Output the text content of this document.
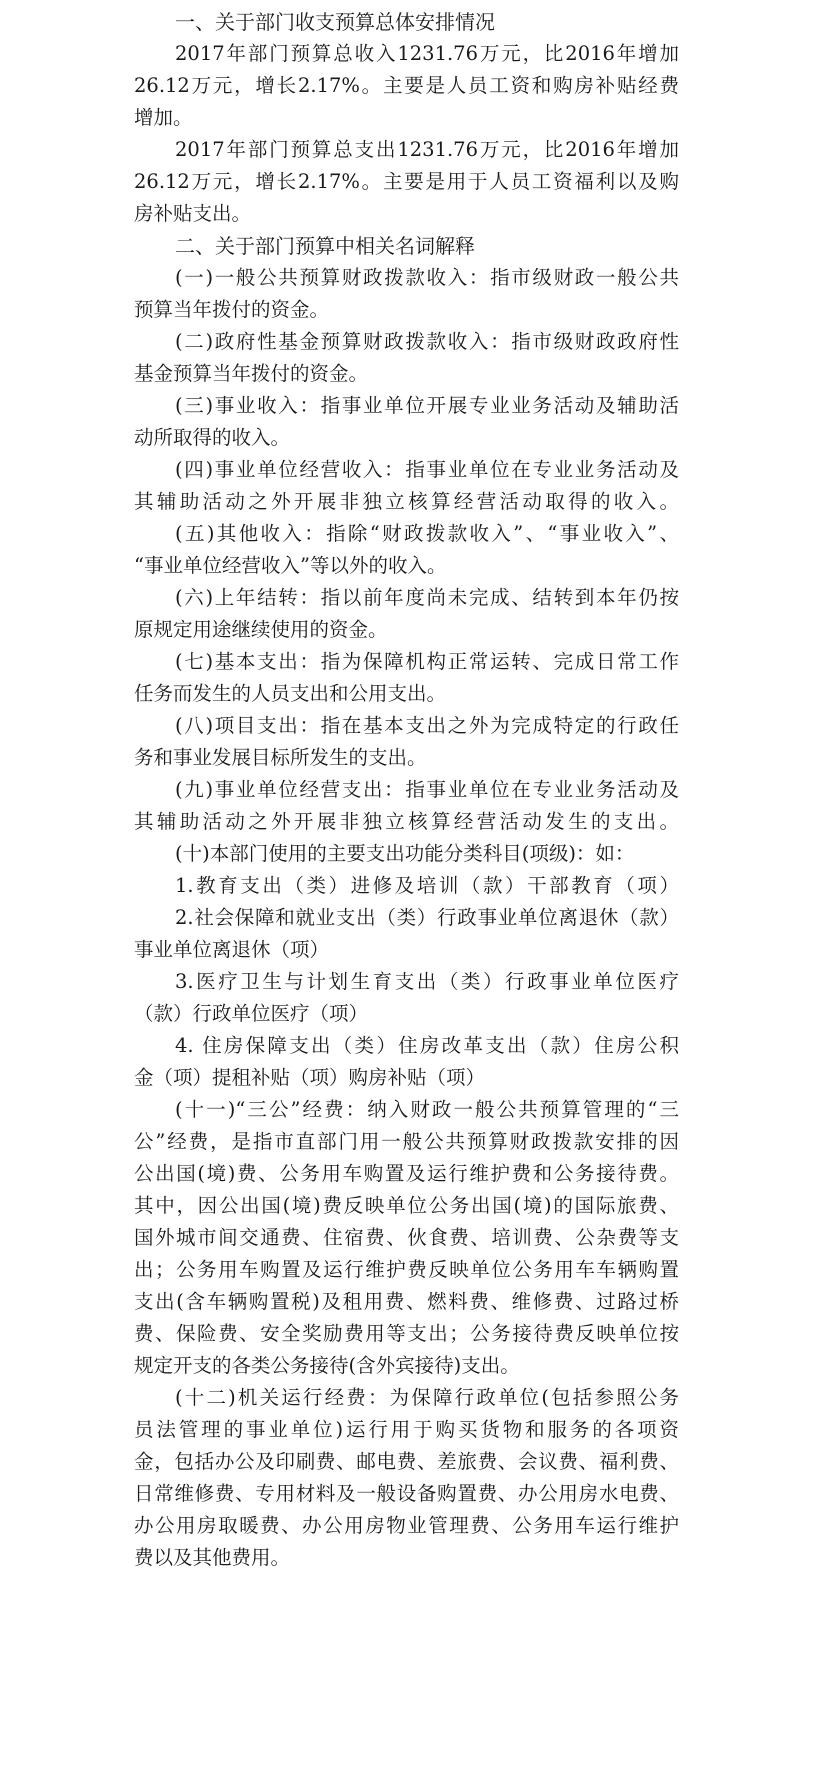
一、关于部门收支预算总体安排情况
2017年部门预算总收入1231.76万元，比2016年增加
26.12万元，增长2.17%。主要是人员工资和购房补贴经费
增加。
2017年部门预算总支出1231.76万元，比2016年增加
26.12万元，增长2.17%。主要是用于人员工资福利以及购
房补贴支出。
二、关于部门预算中相关名词解释
(一)一般公共预算财政拨款收入：指市级财政一般公共
预算当年拨付的资金。
(二)政府性基金预算财政拨款收入：指市级财政政府性
基金预算当年拨付的资金。
(三)事业收入：指事业单位开展专业业务活动及辅助活
动所取得的收入。
(四)事业单位经营收入：指事业单位在专业业务活动及
其辅助活动之外开展非独立核算经营活动取得的收入。
(五)其他收入：指除“财政拨款收入”、“事业收入”、
“事业单位经营收入”等以外的收入。
(六)上年结转：指以前年度尚未完成、结转到本年仍按
原规定用途继续使用的资金。
(七)基本支出：指为保障机构正常运转、完成日常工作
任务而发生的人员支出和公用支出。
(八)项目支出：指在基本支出之外为完成特定的行政任
务和事业发展目标所发生的支出。
(九)事业单位经营支出：指事业单位在专业业务活动及
其辅助活动之外开展非独立核算经营活动发生的支出。
(十)本部门使用的主要支出功能分类科目(项级)：如：
1.教育支出（类）进修及培训（款）干部教育（项）
2.社会保障和就业支出（类）行政事业单位离退休（款）
事业单位离退休（项）
3.医疗卫生与计划生育支出（类）行政事业单位医疗
（款）行政单位医疗（项）
4. 住房保障支出（类）住房改革支出（款）住房公积
金（项）提租补贴（项）购房补贴（项）
(十一)“三公”经费：纳入财政一般公共预算管理的“三
公”经费，是指市直部门用一般公共预算财政拨款安排的因
公出国(境)费、公务用车购置及运行维护费和公务接待费。
其中，因公出国(境)费反映单位公务出国(境)的国际旅费、
国外城市间交通费、住宿费、伙食费、培训费、公杂费等支
出；公务用车购置及运行维护费反映单位公务用车车辆购置
支出(含车辆购置税)及租用费、燃料费、维修费、过路过桥
费、保险费、安全奖励费用等支出；公务接待费反映单位按
规定开支的各类公务接待(含外宾接待)支出。
(十二)机关运行经费：为保障行政单位(包括参照公务
员法管理的事业单位)运行用于购买货物和服务的各项资
金，包括办公及印刷费、邮电费、差旅费、会议费、福利费、
日常维修费、专用材料及一般设备购置费、办公用房水电费、
办公用房取暖费、办公用房物业管理费、公务用车运行维护
费以及其他费用。
